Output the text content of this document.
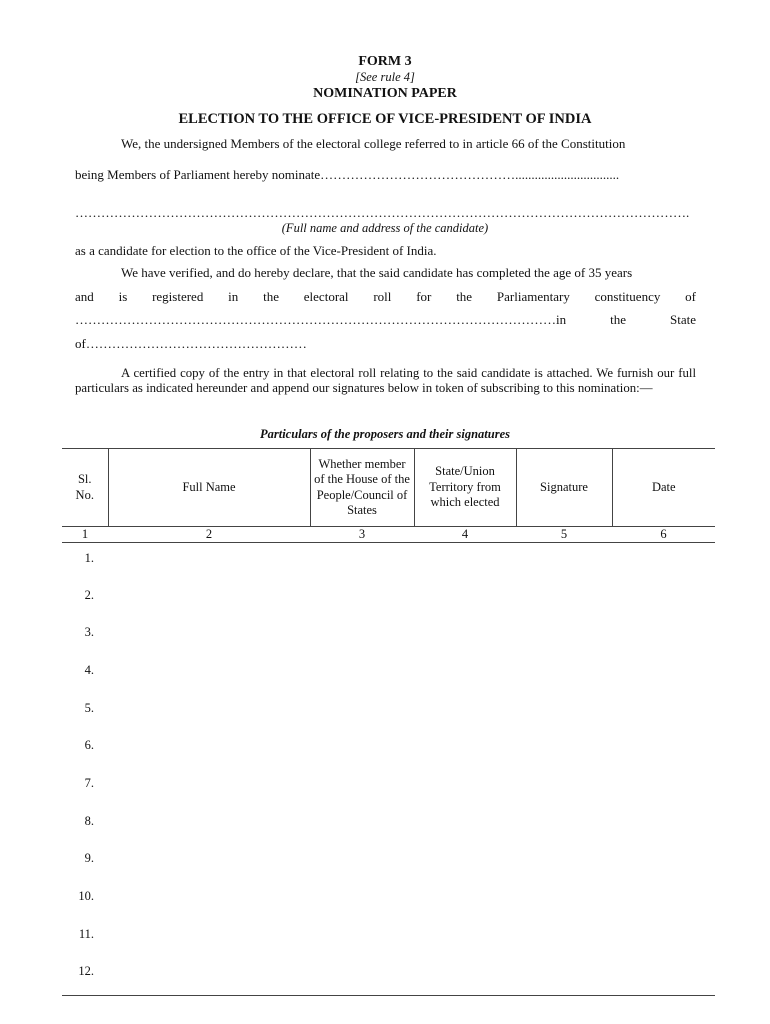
FORM 3
[See rule 4]
NOMINATION PAPER
ELECTION TO THE OFFICE OF VICE-PRESIDENT OF INDIA
We, the undersigned Members of the electoral college referred to in article 66 of the Constitution
being Members of Parliament hereby nominate………………………………………................................
…………………………………………………………………………………………………………………………….
(Full name and address of the candidate)
as a candidate for election to the office of the Vice-President of India.
We have verified, and do hereby declare, that the said candidate has completed the age of 35 years
and is registered in the electoral roll for the Parliamentary constituency of
…………………………………………………………………………………………………in the State
of……………………………………………
A certified copy of the entry in that electoral roll relating to the said candidate is attached. We furnish our full particulars as indicated hereunder and append our signatures below in token of subscribing to this nomination:—
Particulars of the proposers and their signatures
Sl. No.	Full Name	Whether member of the House of the People/Council of States	State/Union Territory from which elected	Signature	Date
1	2	3	4	5	6
1.
2.
3.
4.
5.
6.
7.
8.
9.
10.
11.
12.
